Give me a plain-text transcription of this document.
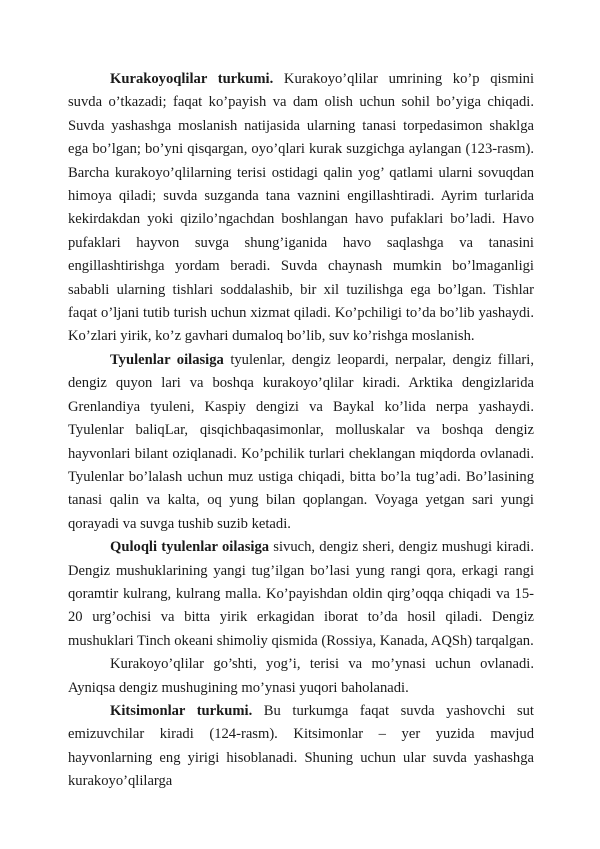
Kurakoyoqlilar turkumi. Kurakoyo’qlilar umrining ko’p qismini suvda o’tkazadi; faqat ko’payish va dam olish uchun sohil bo’yiga chiqadi. Suvda yashashga moslanish natijasida ularning tanasi torpedasimon shaklga ega bo’lgan; bo’yni qisqargan, oyo’qlari kurak suzgichga aylangan (123-rasm). Barcha kurakoyo’qlilarning terisi ostidagi qalin yog’ qatlami ularni sovuqdan himoya qiladi; suvda suzganda tana vaznini engillashtiradi. Ayrim turlarida kekirdakdan yoki qizilo’ngachdan boshlangan havo pufaklari bo’ladi. Havo pufaklari hayvon suvga shung’iganida havo saqlashga va tanasini engillashtirishga yordam beradi. Suvda chaynash mumkin bo’lmaganligi sababli ularning tishlari soddalashib, bir xil tuzilishga ega bo’lgan. Tishlar faqat o’ljani tutib turish uchun xizmat qiladi. Ko’pchiligi to’da bo’lib yashaydi. Ko’zlari yirik, ko’z gavhari dumaloq bo’lib, suv ko’rishga moslanish.

Tyulenlar oilasiga tyulenlar, dengiz leopardi, nerpalar, dengiz fillari, dengiz quyon lari va boshqa kurakoyo’qlilar kiradi. Arktika dengizlarida Grenlandiya tyuleni, Kaspiy dengizi va Baykal ko’lida nerpa yashaydi. Tyulenlar baliqLar, qisqichbaqasimonlar, molluskalar va boshqa dengiz hayvonlari bilant oziqlanadi. Ko’pchilik turlari cheklangan miqdorda ovlanadi. Tyulenlar bo’lalash uchun muz ustiga chiqadi, bitta bo’la tug’adi. Bo’lasining tanasi qalin va kalta, oq yung bilan qoplangan. Voyaga yetgan sari yungi qorayadi va suvga tushib suzib ketadi.

Quloqli tyulenlar oilasiga sivuch, dengiz sheri, dengiz mushugi kiradi. Dengiz mushuklarining yangi tug’ilgan bo’lasi yung rangi qora, erkagi rangi qoramtir kulrang, kulrang malla. Ko’payishdan oldin qirg’oqqa chiqadi va 15-20 urg’ochisi va bitta yirik erkagidan iborat to’da hosil qiladi. Dengiz mushuklari Tinch okeani shimoliy qismida (Rossiya, Kanada, AQSh) tarqalgan.

Kurakoyo’qlilar go’shti, yog’i, terisi va mo’ynasi uchun ovlanadi. Ayniqsa dengiz mushugining mo’ynasi yuqori baholanadi.

Kitsimonlar turkumi. Bu turkumga faqat suvda yashovchi sut emizuvchilar kiradi (124-rasm). Kitsimonlar – yer yuzida mavjud hayvonlarning eng yirigi hisoblanadi. Shuning uchun ular suvda yashashga kurakoyo’qlilarga
